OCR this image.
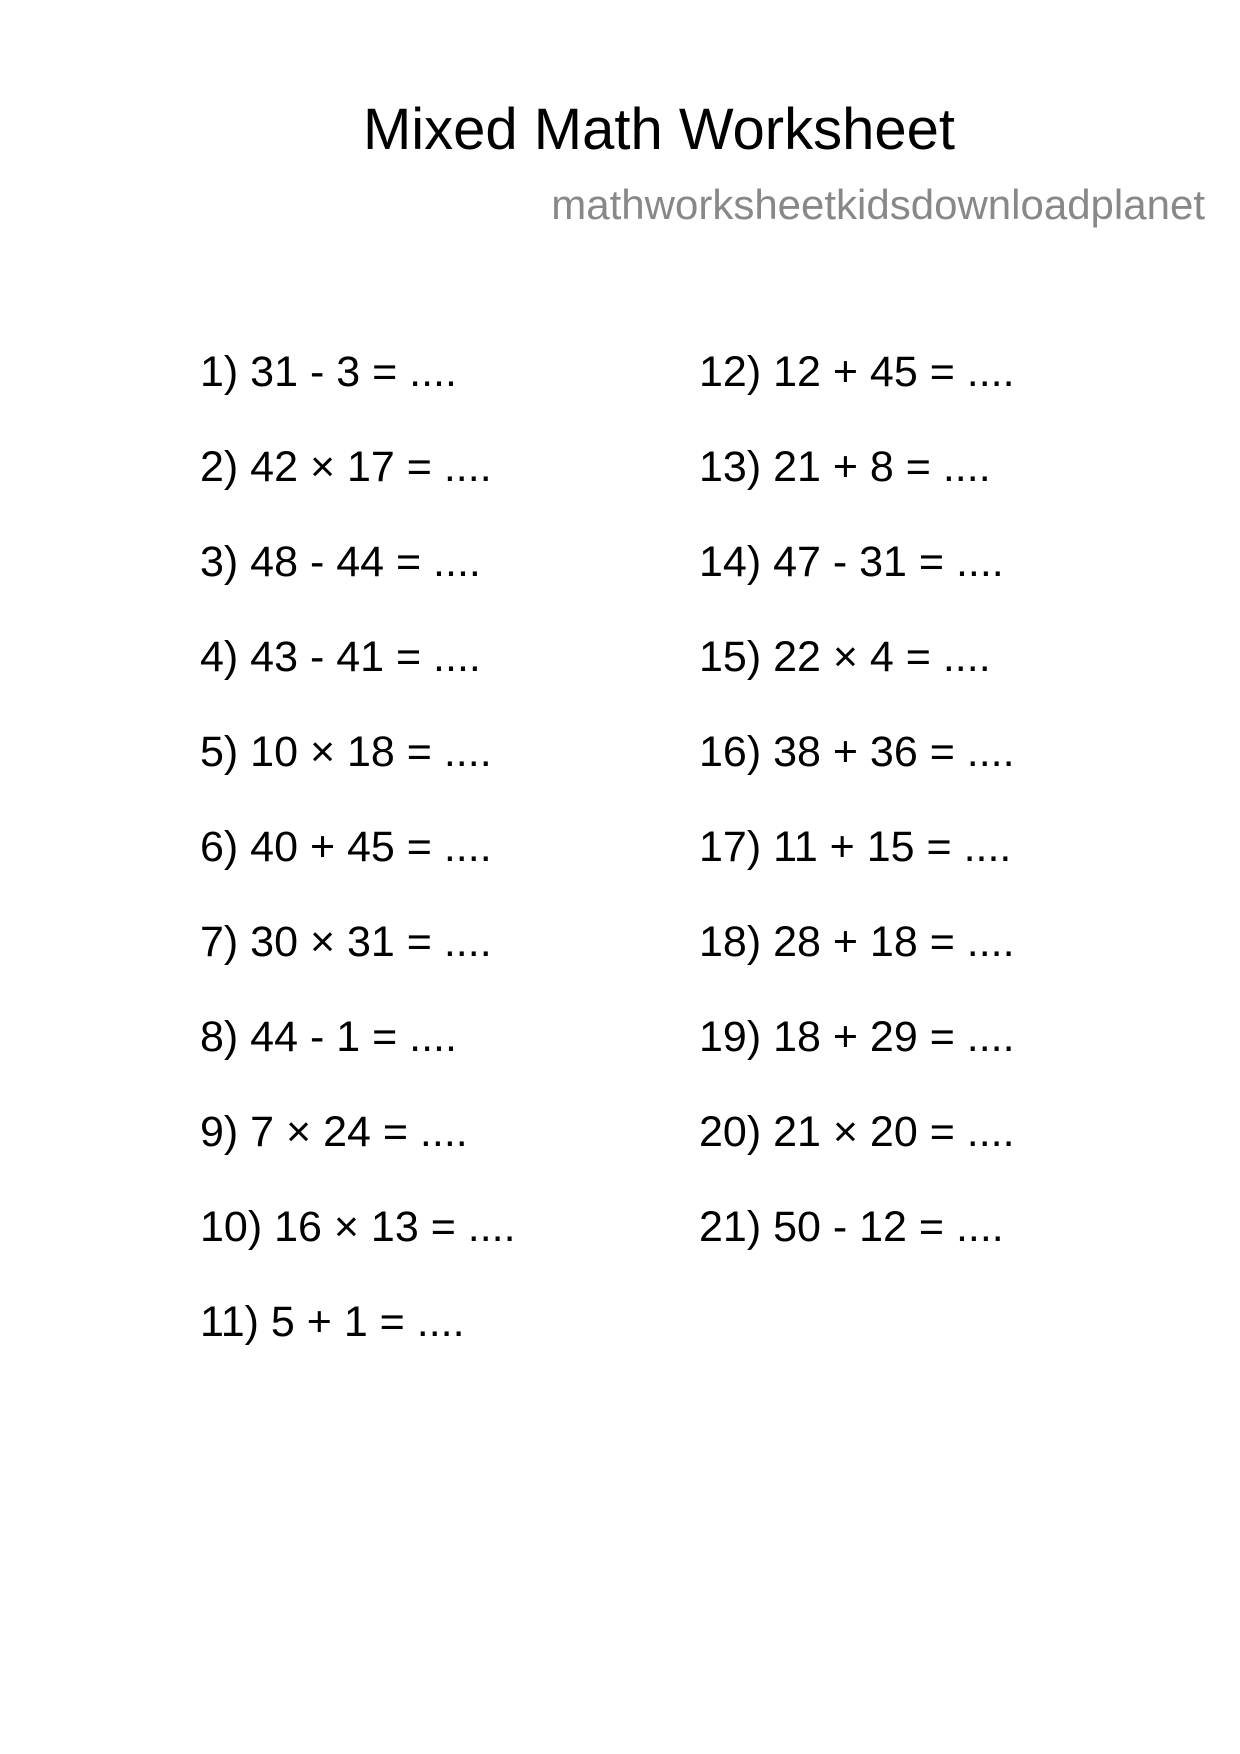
Mixed Math Worksheet
mathworksheetkidsdownloadplanet
1) 31 - 3 = ....
2) 42 × 17 = ....
3) 48 - 44 = ....
4) 43 - 41 = ....
5) 10 × 18 = ....
6) 40 + 45 = ....
7) 30 × 31 = ....
8) 44 - 1 = ....
9) 7 × 24 = ....
10) 16 × 13 = ....
11) 5 + 1 = ....
12) 12 + 45 = ....
13) 21 + 8 = ....
14) 47 - 31 = ....
15) 22 × 4 = ....
16) 38 + 36 = ....
17) 11 + 15 = ....
18) 28 + 18 = ....
19) 18 + 29 = ....
20) 21 × 20 = ....
21) 50 - 12 = ....
